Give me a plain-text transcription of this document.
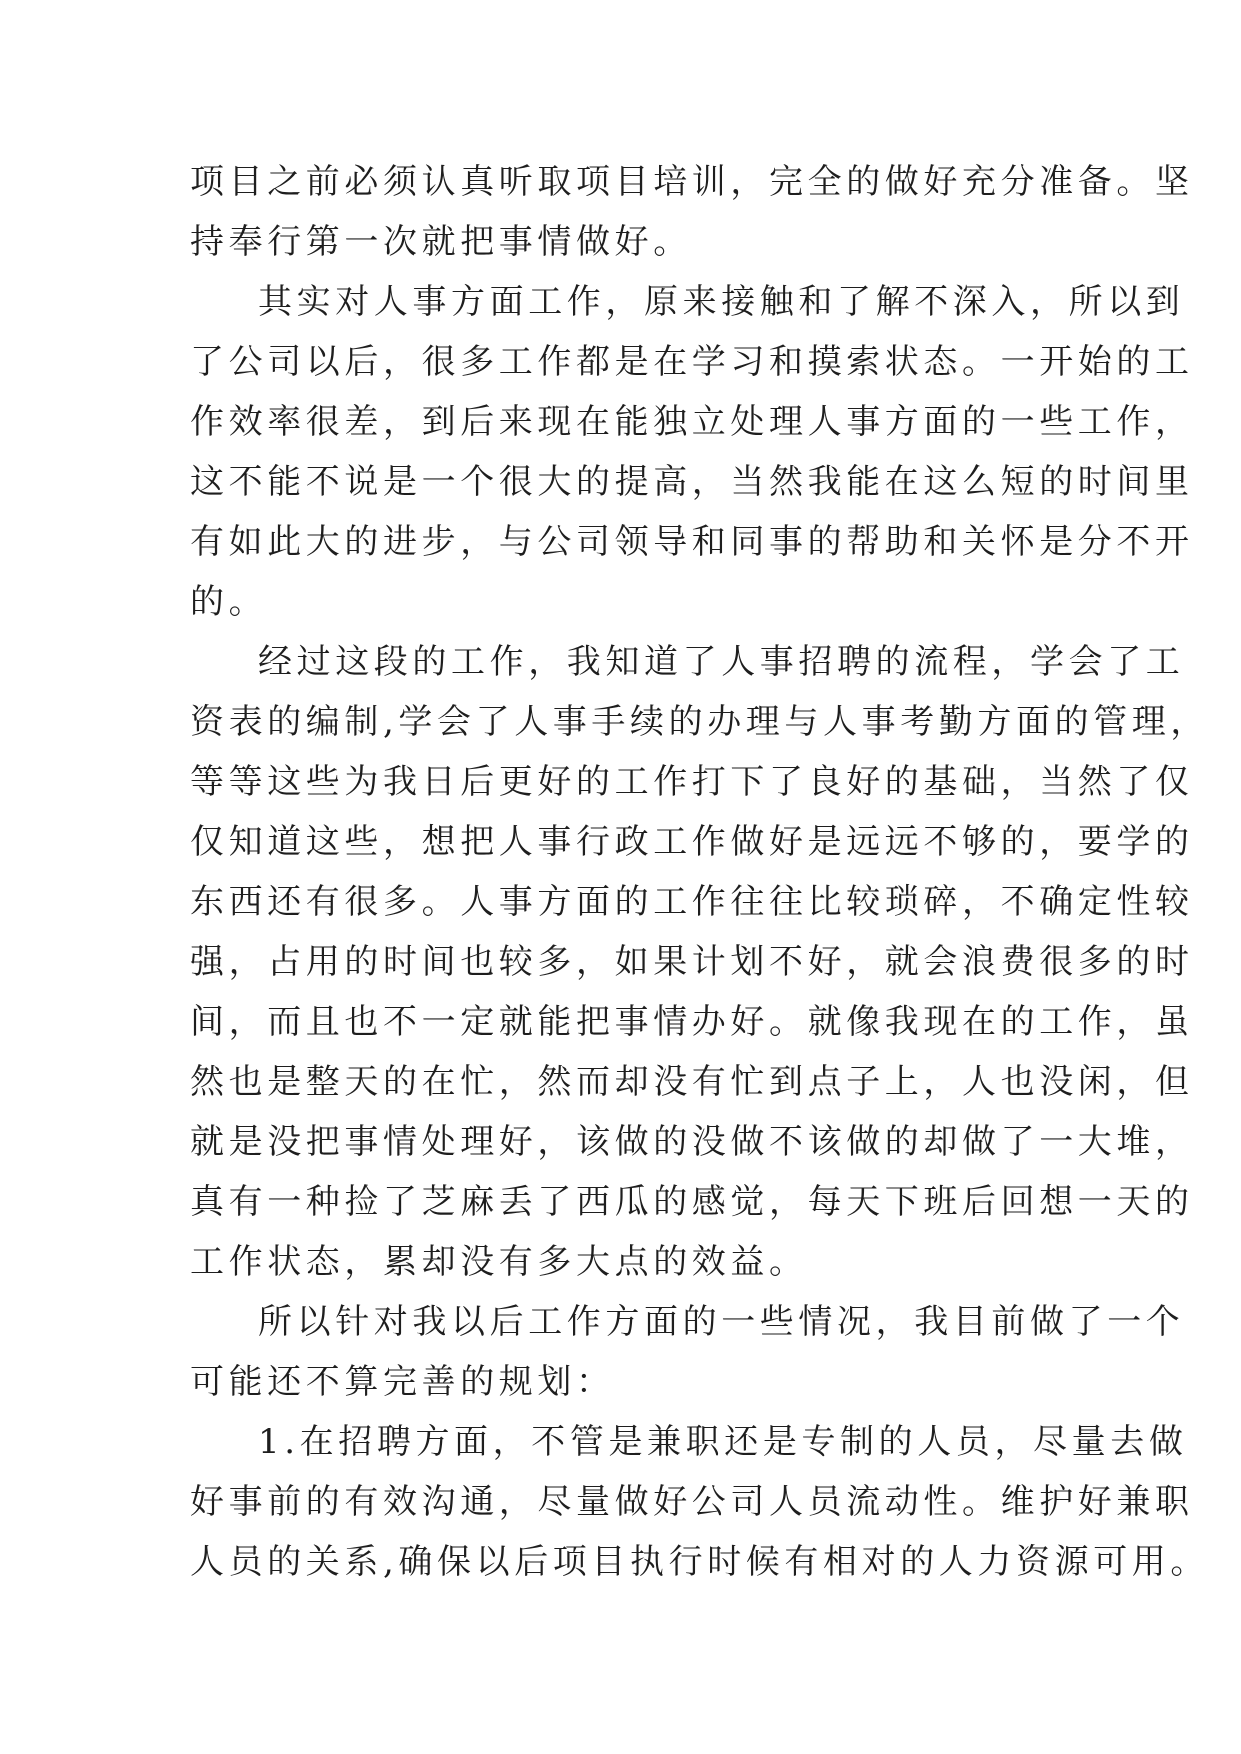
项目之前必须认真听取项目培训，完全的做好充分准备。坚
持奉行第一次就把事情做好。
其实对人事方面工作，原来接触和了解不深入，所以到
了公司以后，很多工作都是在学习和摸索状态。一开始的工
作效率很差，到后来现在能独立处理人事方面的一些工作，
这不能不说是一个很大的提高，当然我能在这么短的时间里
有如此大的进步，与公司领导和同事的帮助和关怀是分不开
的。
经过这段的工作，我知道了人事招聘的流程，学会了工
资表的编制,学会了人事手续的办理与人事考勤方面的管理，
等等这些为我日后更好的工作打下了良好的基础，当然了仅
仅知道这些，想把人事行政工作做好是远远不够的，要学的
东西还有很多。人事方面的工作往往比较琐碎，不确定性较
强，占用的时间也较多，如果计划不好，就会浪费很多的时
间，而且也不一定就能把事情办好。就像我现在的工作，虽
然也是整天的在忙，然而却没有忙到点子上，人也没闲，但
就是没把事情处理好，该做的没做不该做的却做了一大堆，
真有一种捡了芝麻丢了西瓜的感觉，每天下班后回想一天的
工作状态，累却没有多大点的效益。
所以针对我以后工作方面的一些情况，我目前做了一个
可能还不算完善的规划：
1.在招聘方面，不管是兼职还是专制的人员，尽量去做
好事前的有效沟通，尽量做好公司人员流动性。维护好兼职
人员的关系,确保以后项目执行时候有相对的人力资源可用。
